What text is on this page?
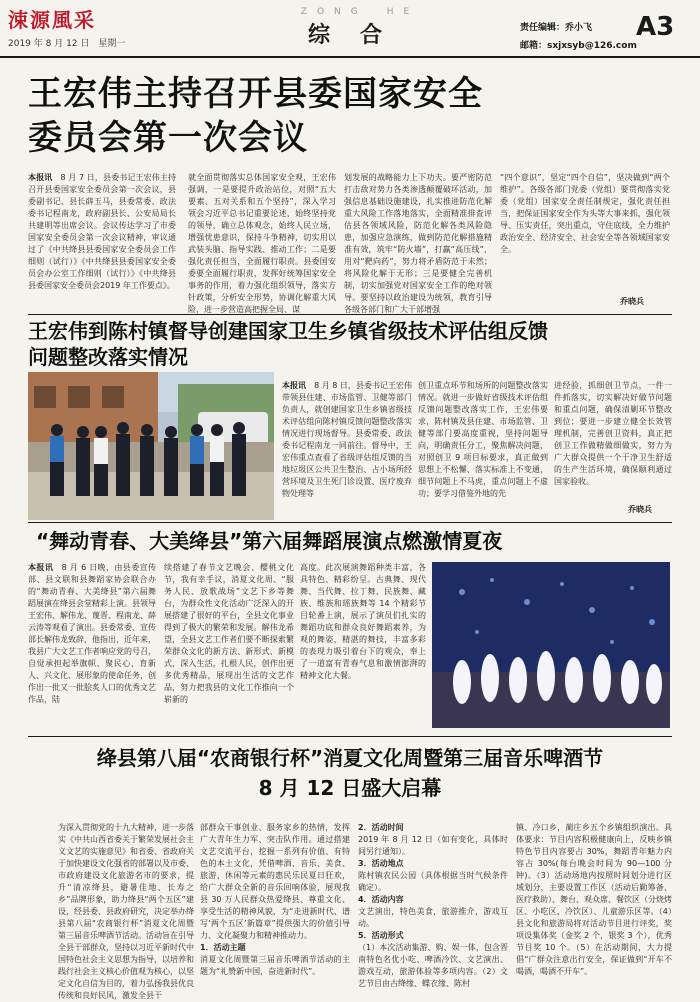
涑源風采
2019 年 8 月 12 日　星期一
ZONG　HE
综合	责任编辑：乔小飞
邮箱：sxjxsyb@126.com
A3
王宏伟主持召开县委国家安全
委员会第一次会议
本报讯　 8 月 7 日，县委书记王宏伟主持召开县委国家安全委员会第一次会议，县委副书记、县长薛玉马，县委常委、政法委书记程南龙，政府副县长、公安局局长共建明等出席会议。会议传达学习了市委国家安全委员会第一次会议精神，审议通过了《中共绛县县委国家安全委员会工作细则（试行）》《中共绛县县委国家安全委员会办公室工作细则（试行）》《中共绛县县委国家安全委员会2019 年工作要点》。
就全面贯彻落实总体国家安全观，王宏伟强调，一是要提升政治站位，对照“五大要素、五对关系和五个坚持”，深入学习领会习近平总书记重要论述，始终坚持党的领导，确立总体观念，始终人民立场，增强忧患意识，保持斗争精神，切实用以武装头脑、指导实践、推动工作；二是要强化责任担当，全面履行职责。县委国安委要全面履行职责，发挥好统筹国家安全事务的作用，着力强化组织领导，落实方针政策，分析安全形势，协调化解重大风险，进一步营造高把握全局、谋
划发展的战略能力上下功夫。要严密防范打击敌对势力各类渗透颠覆破坏活动，加强信息基础设施建设，扎实推进防范化解重大风险工作落地落实，全面精准排查评估县各领域风险，防范化解各类风险隐患，加强应急演练，做到防范化解措施精准有效，筑牢“防火墙”，打赢“高压线”，用对“靶向药”，努力将矛盾防范于未然；将风险化解于无形；三是要健全完善机制，切实加强党对国家安全工作的绝对领导。要坚持以政治建设为统领，教育引导各级各部门和广大干部增强
“四个意识”，坚定“四个自信”，坚决做到“两个维护”。各级各部门党委（党组）要贯彻落实党委（党组）国家安全责任制规定，强化责任担当，把保证国家安全作为头等大事来抓，强化领导、压实责任，突出重点，守住底线，全力维护政治安全、经济安全、社会安全等各领域国家安全。
乔晓兵
王宏伟到陈村镇督导创建国家卫生乡镇省级技术评估组反馈
问题整改落实情况
本报讯　 8 月 8 日，县委书记王宏伟带领县住建、市场监管、卫健等部门负责人，就创建国家卫生乡镇省级技术评估组向陈村镇反馈问题整改落实情况进行现场督导。县委常委、政法委书记程南龙一同前往。督导中，王宏伟重点查看了省级评估组反馈的当地垃圾区公共卫生整治、占小场所经营环境及卫生死门诊设置、医疗废弃物处理等
创卫重点环节和场所的问题整改落实情况。就进一步做好省级技术评估组反馈问题整改落实工作，王宏伟要求，陈村镇及县住建、市场监管、卫健等部门要高度重视，坚持问题导向，明确责任分工，聚焦解决问题，对照创卫 9 项目标要求，真正做到思想上不松懈、落实标准上不变通，细节问题上不马虎，重点问题上不虚功；要学习借鉴外地的先
进经验，抓细创卫节点，一件一件抓落实，切实解决好做节问题和重点问题，确保清剿环节整改到位；要进一步建立健全长效管理机制，完善创卫资料，真正把创卫工作做精做细做实，努力为广大群众提供一个干净卫生舒适的生产生活环境，确保顺利通过国家验收。
乔晓兵
“舞动青春、大美绛县”第六届舞蹈展演点燃激情夏夜
本报讯　 8 月 6 日晚，由县委宣传部、县文联和县舞蹈家协会联合办的“舞动青春、大美绛县”第六届舞蹈展演在绛县会堂精彩上演。县领导王宏伟、解伟龙、蔑晋、程南龙、薛云涛等观看了演出。县委常委、宣传部长解伟龙致辞，他指出，近年来，我县广大文艺工作者响应党的号召，自觉承担起举旗帜、聚民心、育新人、兴文化、展形象的使命任务，创作出一批又一批脍炙人口的优秀文艺作品，陆
续搭建了春节文艺晚会、樱桃文化节，我有幸手议，消夏文化周、“服务人民、放歌战场”文艺下乡等舞台，为群众性文化活动广泛深入的开展搭建了很好的平台，全县文化事业得到了极大的繁荣和发展。解伟龙希望，全县文艺工作者们要不断探索繁荣群众文化的新方法、新形式、新模式，深入生活，扎根人民，创作出更多优秀精品，展现出生活的文艺作品，努力把我县的文化工作推向一个崭新的
高度。此次展演舞蹈种类丰富，各具特色、精彩纷呈。古典舞、现代舞、当代舞、拉丁舞、民族舞、藏族、维族和瑶族舞等 14 个精彩节目轮番上演，展示了演员们扎实的舞蹈功底和群众良好舞蹈素养，为观的舞姿，精湛的舞技，丰富多彩的表现力吸引着台下的观众，奉上了一道富有青春气息和激情澎湃的精神文化大餐。
绛县第八届“农商银行杯”消夏文化周暨第三届音乐啤酒节
8 月 12 日盛大启幕
为深入贯彻党的十九大精神，进一步落实《中共山西省委关于繁荣发展社会主义文艺的实施意见》和省委、省政府关于加快建设文化强省的部署以及市委、市政府建设文化旅游名市的要求，提升“清凉绛县，避暑佳地、长寿之乡”品牌形象，助力绛县“两个五区”建设，经县委、县政府研究，决定举办绛县第八届“农商银行杯”消夏文化周暨第三届音乐啤酒节活动。活动旨在引导全县干部群众，坚持以习近平新时代中国特色社会主义思想为指导，以培养和践行社会主义核心价值观为核心，以坚定文化自信为目的，着力弘扬我县优良传统和良好民风，激发全县干
部群众干事创业、服务家乡的热情，发挥广大青年生力军、突击队作用。通过搭建文艺交流平台，挖掘一系列有价值、有特色的本土文化，凭借啤酒、音乐、美食、旅游、休闲等元素的惠民乐民夏日狂欢，给广大群众全新的音乐回响体验，展现我县 30 万人民群众热爱绛县、尊重文化、享受生活的精神风貌，为“走进新时代、谱写‘两个五区’新篇章”提供强大的价值引导力、文化凝聚力和精神推动力。
1．活动主题
消夏文化周暨第三届音乐啤酒节活动的主题为“礼赞新中国，奋进新时代”。
2．活动时间
2019 年 8 月 12 日（如有变化，具体时间另行通知）。
3．活动地点
陈村镇农民公园（具体根据当时气候条件确定）。
4．活动内容
文艺演出，特色美食，旅游推介，游戏互动。
5．活动形式
（1）本次活动集游、购、娱一体，包含晋南特色名优小吃、啤酒冷饮、文艺演出、游戏互动，旅游体验等多项内容。（2）文艺节目由古绛缘、蝶衣缘、陈村
镇、冷口乡，蔺庄乡五个乡镇组织演出。具体要求：节目内容积极健康向上，反映乡镇特色节目内容要占 30%，舞蹈青年魅力内容占 30%(每台晚会时间为 90—100 分钟)。（3）活动场地内按照时间划分进行区域划分，主要设置工作区（活动后勤筹备、医疗救助）、舞台、观众席、餐饮区（分烧烤区、小吃区、冷饮区）、儿童游乐区等。（4）县文化和旅游局将对活动节目进行评奖，奖项设集体奖（金奖 2 个，银奖 3 个），优秀节目奖 10 个。（5）在活动期间，大力提倡“广群众注意出行安全，保证做到“开车不喝酒，喝酒不开车”。
